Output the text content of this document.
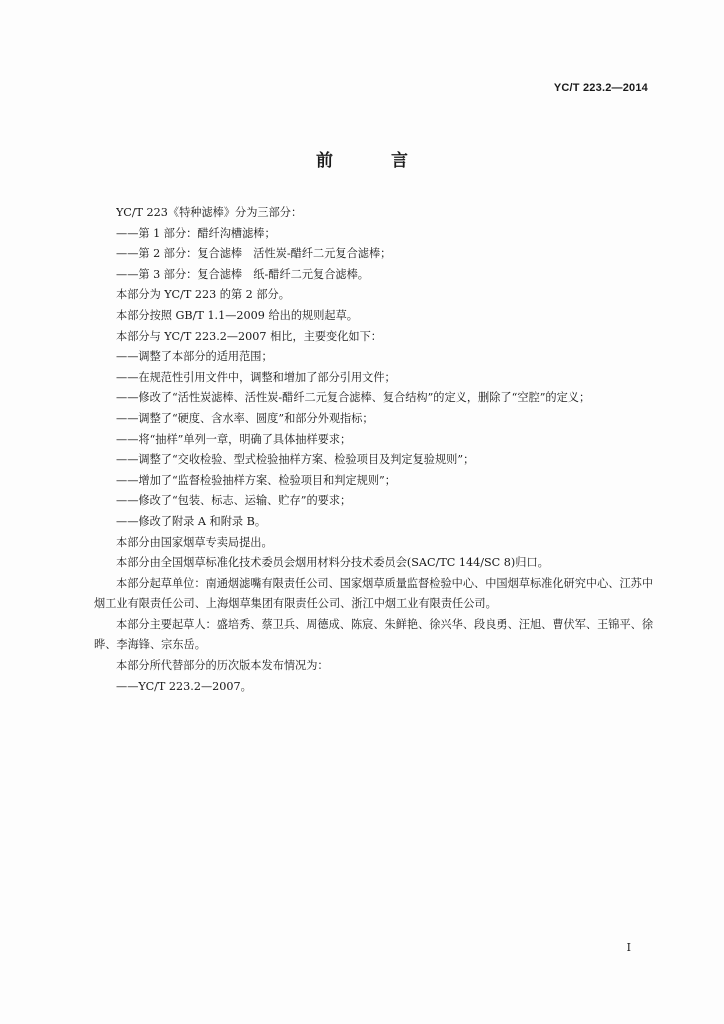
YC/T 223.2—2014
前 言

YC/T 223《特种滤棒》分为三部分：

——第 1 部分：醋纤沟槽滤棒；

——第 2 部分：复合滤棒　活性炭-醋纤二元复合滤棒；

——第 3 部分：复合滤棒　纸-醋纤二元复合滤棒。

本部分为 YC/T 223 的第 2 部分。

本部分按照 GB/T 1.1—2009 给出的规则起草。

本部分与 YC/T 223.2—2007 相比，主要变化如下：

——调整了本部分的适用范围；

——在规范性引用文件中，调整和增加了部分引用文件；

——修改了“活性炭滤棒、活性炭-醋纤二元复合滤棒、复合结构”的定义，删除了“空腔”的定义；

——调整了“硬度、含水率、圆度”和部分外观指标；

——将“抽样”单列一章，明确了具体抽样要求；

——调整了“交收检验、型式检验抽样方案、检验项目及判定复验规则”；

——增加了“监督检验抽样方案、检验项目和判定规则”；

——修改了“包装、标志、运输、贮存”的要求；

——修改了附录 A 和附录 B。

本部分由国家烟草专卖局提出。

本部分由全国烟草标准化技术委员会烟用材料分技术委员会(SAC/TC 144/SC 8)归口。

本部分起草单位：南通烟滤嘴有限责任公司、国家烟草质量监督检验中心、中国烟草标准化研究中心、江苏中烟工业有限责任公司、上海烟草集团有限责任公司、浙江中烟工业有限责任公司。

本部分主要起草人：盛培秀、蔡卫兵、周德成、陈宸、朱鲜艳、徐兴华、段良勇、汪旭、曹伏军、王锦平、徐晔、李海锋、宗东岳。

本部分所代替部分的历次版本发布情况为：

——YC/T 223.2—2007。

I
